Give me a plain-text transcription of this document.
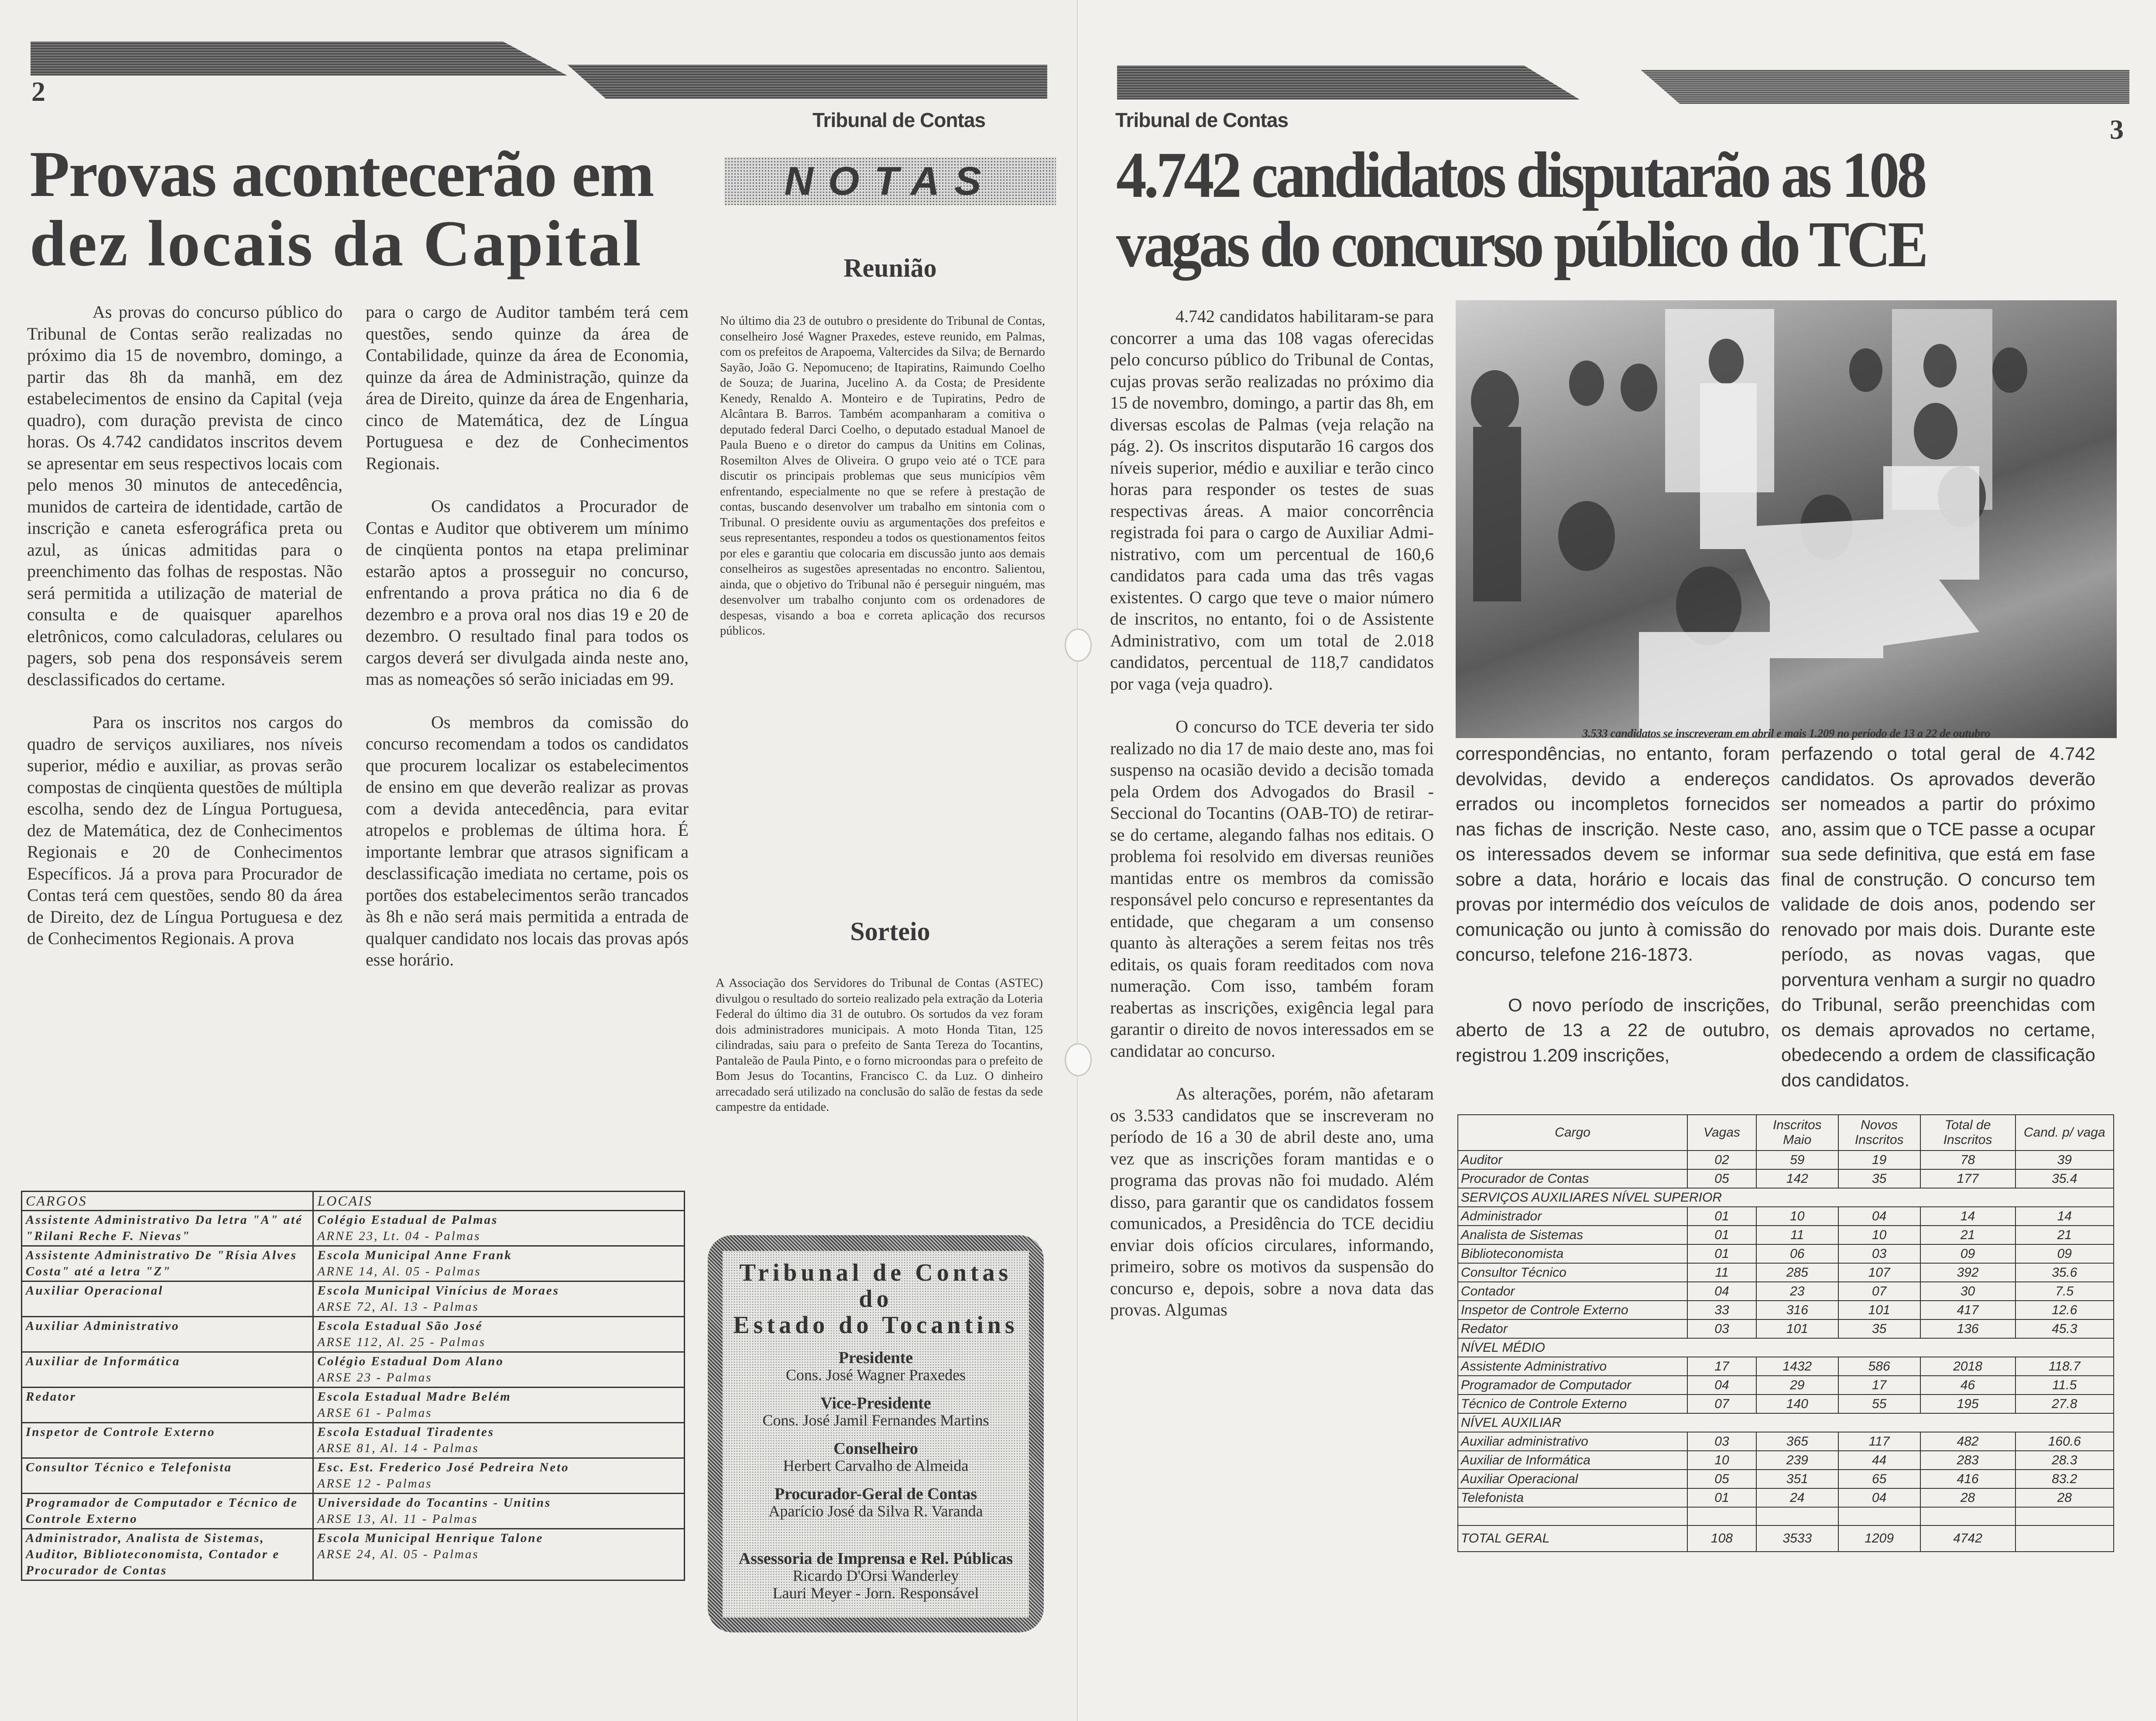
2
Tribunal de Contas
Provas acontecerão em
dez locais da Capital

As provas do concurso público do Tribunal de Contas serão realizadas no próximo dia 15 de novembro, domingo, a partir das 8h da manhã, em dez estabelecimentos de ensino da Capital (veja quadro), com duração prevista de cinco horas. Os 4.742 candidatos inscritos devem se apresentar em seus respectivos locais com pelo menos 30 minutos de antecedência, munidos de carteira de identidade, cartão de inscrição e caneta esferográfica preta ou azul, as únicas admitidas para o preenchimento das folhas de respostas. Não será permitida a utilização de material de consulta e de quaisquer aparelhos eletrônicos, como calculadoras, celulares ou pagers, sob pena dos responsáveis serem desclassificados do certame.

Para os inscritos nos cargos do quadro de serviços auxiliares, nos níveis superior, médio e auxiliar, as provas serão compostas de cinqüenta questões de múltipla escolha, sendo dez de Língua Portuguesa, dez de Matemática, dez de Conhecimentos Regionais e 20 de Conhecimentos Específicos. Já a prova para Procurador de Contas terá cem questões, sendo 80 da área de Direito, dez de Língua Portuguesa e dez de Conhecimentos Regionais. A prova

para o cargo de Auditor também terá cem questões, sendo quinze da área de Contabilidade, quinze da área de Economia, quinze da área de Administração, quinze da área de Direito, quinze da área de Engenharia, cinco de Matemática, dez de Língua Portuguesa e dez de Conhecimentos Regionais.

Os candidatos a Procurador de Contas e Auditor que obtiverem um mínimo de cinqüenta pontos na etapa preliminar estarão aptos a prosseguir no concurso, enfrentando a prova prática no dia 6 de dezembro e a prova oral nos dias 19 e 20 de dezembro. O resultado final para todos os cargos deverá ser divulgada ainda neste ano, mas as nomeações só serão iniciadas em 99.

Os membros da comissão do concurso recomendam a todos os candidatos que procurem localizar os estabelecimentos de ensino em que deverão realizar as provas com a devida antecedência, para evitar atropelos e problemas de última hora. É importante lembrar que atrasos significam a desclassificação imediata no certame, pois os portões dos estabelecimentos serão trancados às 8h e não será mais permitida a entrada de qualquer candidato nos locais das provas após esse horário.

CARGOS	LOCAIS
Assistente Administrativo Da letra "A" até "Rilani Reche F. Nievas"	Colégio Estadual de Palmas
ARNE 23, Lt. 04 - Palmas

Assistente Administrativo De "Rísia Alves Costa" até a letra "Z"	Escola Municipal Anne Frank
ARNE 14, Al. 05 - Palmas

Auxiliar Operacional	Escola Municipal Vinícius de Moraes
ARSE 72, Al. 13 - Palmas

Auxiliar Administrativo	Escola Estadual São José
ARSE 112, Al. 25 - Palmas

Auxiliar de Informática	Colégio Estadual Dom Alano
ARSE 23 - Palmas

Redator	Escola Estadual Madre Belém
ARSE 61 - Palmas

Inspetor de Controle Externo	Escola Estadual Tiradentes
ARSE 81, Al. 14 - Palmas

Consultor Técnico e Telefonista	Esc. Est. Frederico José Pedreira Neto
ARSE 12 - Palmas

Programador de Computador e Técnico de Controle Externo	Universidade do Tocantins - Unitins
ARSE 13, Al. 11 - Palmas

Administrador, Analista de Sistemas, Auditor, Biblioteconomista, Contador e Procurador de Contas	Escola Municipal Henrique Talone
ARSE 24, Al. 05 - Palmas
NOTAS
Reunião
No último dia 23 de outubro o presidente do Tribunal de Contas, conselheiro José Wagner Praxedes, esteve reunido, em Palmas, com os prefeitos de Arapoema, Valtercides da Silva; de Bernardo Sayão, João G. Nepomuceno; de Itapiratins, Raimundo Coelho de Souza; de Juarina, Jucelino A. da Costa; de Presidente Kenedy, Renaldo A. Monteiro e de Tupiratins, Pedro de Alcântara B. Barros. Também acompanharam a comitiva o deputado federal Darci Coelho, o deputado estadual Manoel de Paula Bueno e o diretor do campus da Unitins em Colinas, Rosemilton Alves de Oliveira. O grupo veio até o TCE para discutir os principais problemas que seus municípios vêm enfrentando, especialmente no que se refere à prestação de contas, buscando desenvolver um trabalho em sintonia com o Tribunal. O presidente ouviu as argumentações dos prefeitos e seus representantes, respondeu a todos os questionamentos feitos por eles e garantiu que colocaria em discussão junto aos demais conselheiros as sugestões apresentadas no encontro. Salientou, ainda, que o objetivo do Tribunal não é perseguir ninguém, mas desenvolver um trabalho conjunto com os ordenadores de despesas, visando a boa e correta aplicação dos recursos públicos.
Sorteio
A Associação dos Servidores do Tribunal de Contas (ASTEC) divulgou o resultado do sorteio realizado pela extração da Loteria Federal do último dia 31 de outubro. Os sortudos da vez foram dois administradores municipais. A moto Honda Titan, 125 cilindradas, saiu para o prefeito de Santa Tereza do Tocantins, Pantaleão de Paula Pinto, e o forno microondas para o prefeito de Bom Jesus do Tocantins, Francisco C. da Luz. O dinheiro arrecadado será utilizado na conclusão do salão de festas da sede campestre da entidade.
Tribunal de Contas do
Estado do Tocantins
Presidente
Cons. José Wagner Praxedes
Vice-Presidente
Cons. José Jamil Fernandes Martins
Conselheiro
Herbert Carvalho de Almeida
Procurador-Geral de Contas
Aparício José da Silva R. Varanda
Assessoria de Imprensa e Rel. Públicas
Ricardo D'Orsi Wanderley
Lauri Meyer - Jorn. Responsável
Tribunal de Contas	3
4.742 candidatos disputarão as 108
vagas do concurso público do TCE

4.742 candidatos habilitaram-se para concorrer a uma das 108 vagas oferecidas pelo concurso público do Tribunal de Contas, cujas provas serão realizadas no próximo dia 15 de novembro, domingo, a partir das 8h, em diversas escolas de Palmas (veja relação na pág. 2). Os inscritos disputarão 16 cargos dos níveis superior, médio e auxiliar e terão cinco horas para responder os testes de suas respectivas áreas. A maior concorrência registrada foi para o cargo de Auxiliar Admi-nistrativo, com um percentual de 160,6 candidatos para cada uma das três vagas existentes. O cargo que teve o maior número de inscritos, no entanto, foi o de Assistente Administrativo, com um total de 2.018 candidatos, percentual de 118,7 candidatos por vaga (veja quadro).

O concurso do TCE deveria ter sido realizado no dia 17 de maio deste ano, mas foi suspenso na ocasião devido a decisão tomada pela Ordem dos Advogados do Brasil - Seccional do Tocantins (OAB-TO) de retirar-se do certame, alegando falhas nos editais. O problema foi resolvido em diversas reuniões mantidas entre os membros da comissão responsável pelo concurso e representantes da entidade, que chegaram a um consenso quanto às alterações a serem feitas nos três editais, os quais foram reeditados com nova numeração. Com isso, também foram reabertas as inscrições, exigência legal para garantir o direito de novos interessados em se candidatar ao concurso.

As alterações, porém, não afetaram os 3.533 candidatos que se inscreveram no período de 16 a 30 de abril deste ano, uma vez que as inscrições foram mantidas e o programa das provas não foi mudado. Além disso, para garantir que os candidatos fossem comunicados, a Presidência do TCE decidiu enviar dois ofícios circulares, informando, primeiro, sobre os motivos da suspensão do concurso e, depois, sobre a nova data das provas. Algumas

3.533 candidatos se inscreveram em abril e mais 1.209 no período de 13 a 22 de outubro

correspondências, no entanto, foram devolvidas, devido a endereços errados ou incompletos fornecidos nas fichas de inscrição. Neste caso, os interessados devem se informar sobre a data, horário e locais das provas por intermédio dos veículos de comunicação ou junto à comissão do concurso, telefone 216-1873.

O novo período de inscrições, aberto de 13 a 22 de outubro, registrou 1.209 inscrições,

perfazendo o total geral de 4.742 candidatos. Os aprovados deverão ser nomeados a partir do próximo ano, assim que o TCE passe a ocupar sua sede definitiva, que está em fase final de construção. O concurso tem validade de dois anos, podendo ser renovado por mais dois. Durante este período, as novas vagas, que porventura venham a surgir no quadro do Tribunal, serão preenchidas com os demais aprovados no certame, obedecendo a ordem de classificação dos candidatos.

Cargo	Vagas	Inscritos Maio	Novos Inscritos	Total de Inscritos	Cand. p/ vaga
Auditor	02	59	19	78	39
Procurador de Contas	05	142	35	177	35.4
SERVIÇOS AUXILIARES NÍVEL SUPERIOR					
Administrador	01	10	04	14	14
Analista de Sistemas	01	11	10	21	21
Biblioteconomista	01	06	03	09	09
Consultor Técnico	11	285	107	392	35.6
Contador	04	23	07	30	7.5
Inspetor de Controle Externo	33	316	101	417	12.6
Redator	03	101	35	136	45.3
NÍVEL MÉDIO					
Assistente Administrativo	17	1432	586	2018	118.7
Programador de Computador	04	29	17	46	11.5
Técnico de Controle Externo	07	140	55	195	27.8
NÍVEL AUXILIAR					
Auxiliar administrativo	03	365	117	482	160.6
Auxiliar de Informática	10	239	44	283	28.3
Auxiliar Operacional	05	351	65	416	83.2
Telefonista	01	24	04	28	28

TOTAL GERAL	108	3533	1209	4742	
